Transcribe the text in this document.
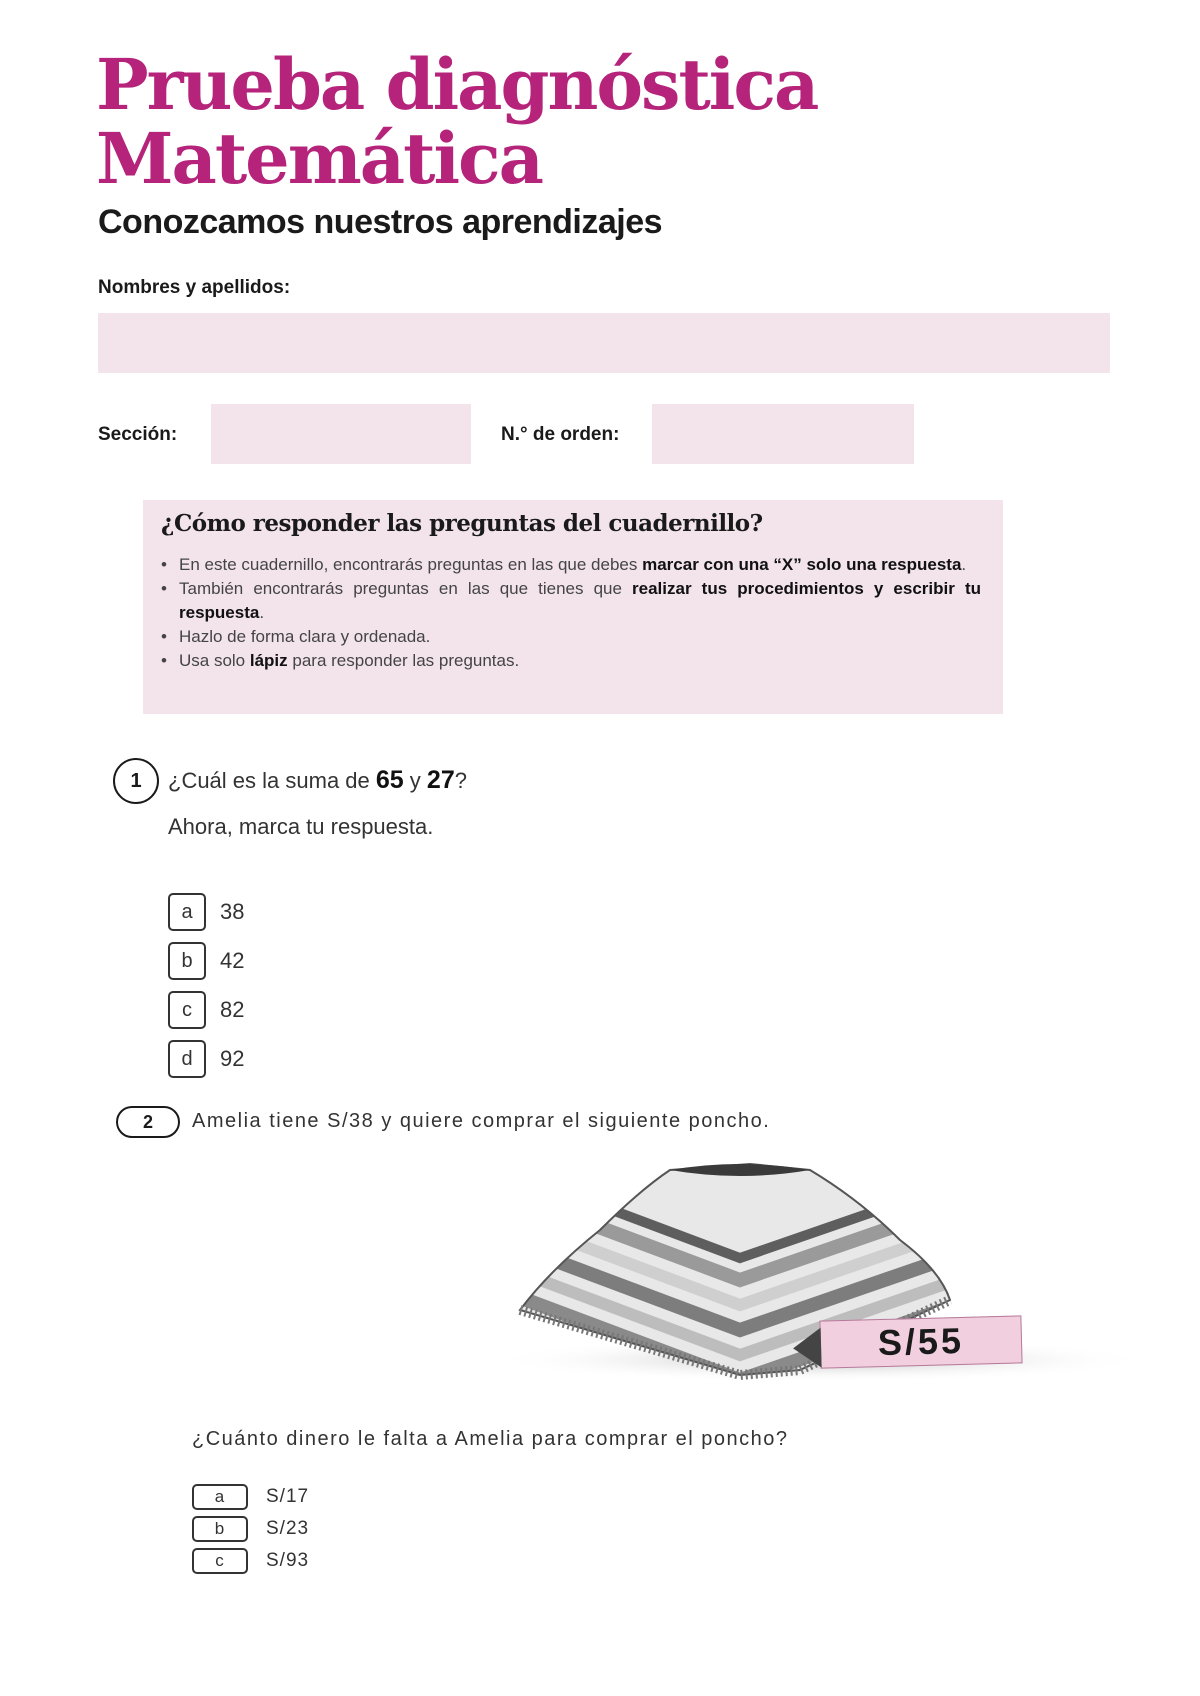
Prueba diagnóstica
Matemática
Conozcamos nuestros aprendizajes
Nombres y apellidos:
Sección:	N.° de orden:

¿Cómo responder las preguntas del cuadernillo?

• En este cuadernillo, encontrarás preguntas en las que debes marcar con una “X” solo una respuesta.
• También encontrarás preguntas en las que tienes que realizar tus procedimientos y escribir tu respuesta.
• Hazlo de forma clara y ordenada.
• Usa solo lápiz para responder las preguntas.
1	¿Cuál es la suma de 65 y 27?

Ahora, marca tu respuesta.

a	38
b	42
c	82
d	92
2	Amelia tiene S/38 y quiere comprar el siguiente poncho.

S/55

¿Cuánto dinero le falta a Amelia para comprar el poncho?

a	S/17
b	S/23
c	S/93
